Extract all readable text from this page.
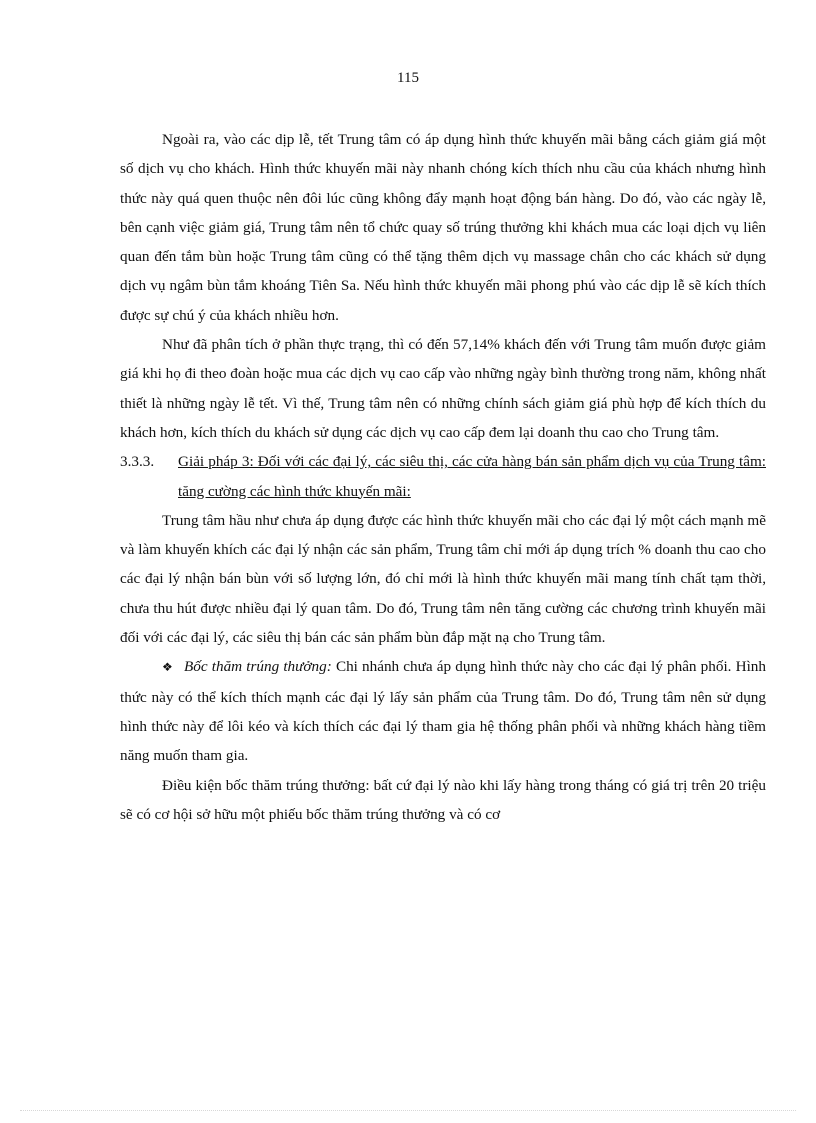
115

Ngoài ra, vào các dịp lễ, tết Trung tâm có áp dụng hình thức khuyến mãi bằng cách giảm giá một số dịch vụ cho khách. Hình thức khuyến mãi này nhanh chóng kích thích nhu cầu của khách nhưng hình thức này quá quen thuộc nên đôi lúc cũng không đẩy mạnh hoạt động bán hàng. Do đó, vào các ngày lễ, bên cạnh việc giảm giá, Trung tâm nên tổ chức quay số trúng thưởng khi khách mua các loại dịch vụ liên quan đến tắm bùn hoặc Trung tâm cũng có thể tặng thêm dịch vụ massage chân cho các khách sử dụng dịch vụ ngâm bùn tắm khoáng Tiên Sa. Nếu hình thức khuyến mãi phong phú vào các dịp lễ sẽ kích thích được sự chú ý của khách nhiều hơn.

Như đã phân tích ở phần thực trạng, thì có đến 57,14% khách đến với Trung tâm muốn được giảm giá khi họ đi theo đoàn hoặc mua các dịch vụ cao cấp vào những ngày bình thường trong năm, không nhất thiết là những ngày lễ tết. Vì thế, Trung tâm nên có những chính sách giảm giá phù hợp để kích thích du khách hơn, kích thích du khách sử dụng các dịch vụ cao cấp đem lại doanh thu cao cho Trung tâm.

3.3.3. Giải pháp 3: Đối với các đại lý, các siêu thị, các cửa hàng bán sản phẩm dịch vụ của Trung tâm: tăng cường các hình thức khuyến mãi:

Trung tâm hầu như chưa áp dụng được các hình thức khuyến mãi cho các đại lý một cách mạnh mẽ và làm khuyến khích các đại lý nhận các sản phẩm, Trung tâm chỉ mới áp dụng trích % doanh thu cao cho các đại lý nhận bán bùn với số lượng lớn, đó chỉ mới là hình thức khuyến mãi mang tính chất tạm thời, chưa thu hút được nhiều đại lý quan tâm. Do đó, Trung tâm nên tăng cường các chương trình khuyến mãi đối với các đại lý, các siêu thị bán các sản phẩm bùn đắp mặt nạ cho Trung tâm.

❖ Bốc thăm trúng thưởng: Chi nhánh chưa áp dụng hình thức này cho các đại lý phân phối. Hình thức này có thể kích thích mạnh các đại lý lấy sản phẩm của Trung tâm. Do đó, Trung tâm nên sử dụng hình thức này để lôi kéo và kích thích các đại lý tham gia hệ thống phân phối và những khách hàng tiềm năng muốn tham gia.

Điều kiện bốc thăm trúng thưởng: bất cứ đại lý nào khi lấy hàng trong tháng có giá trị trên 20 triệu sẽ có cơ hội sở hữu một phiếu bốc thăm trúng thưởng và có cơ
